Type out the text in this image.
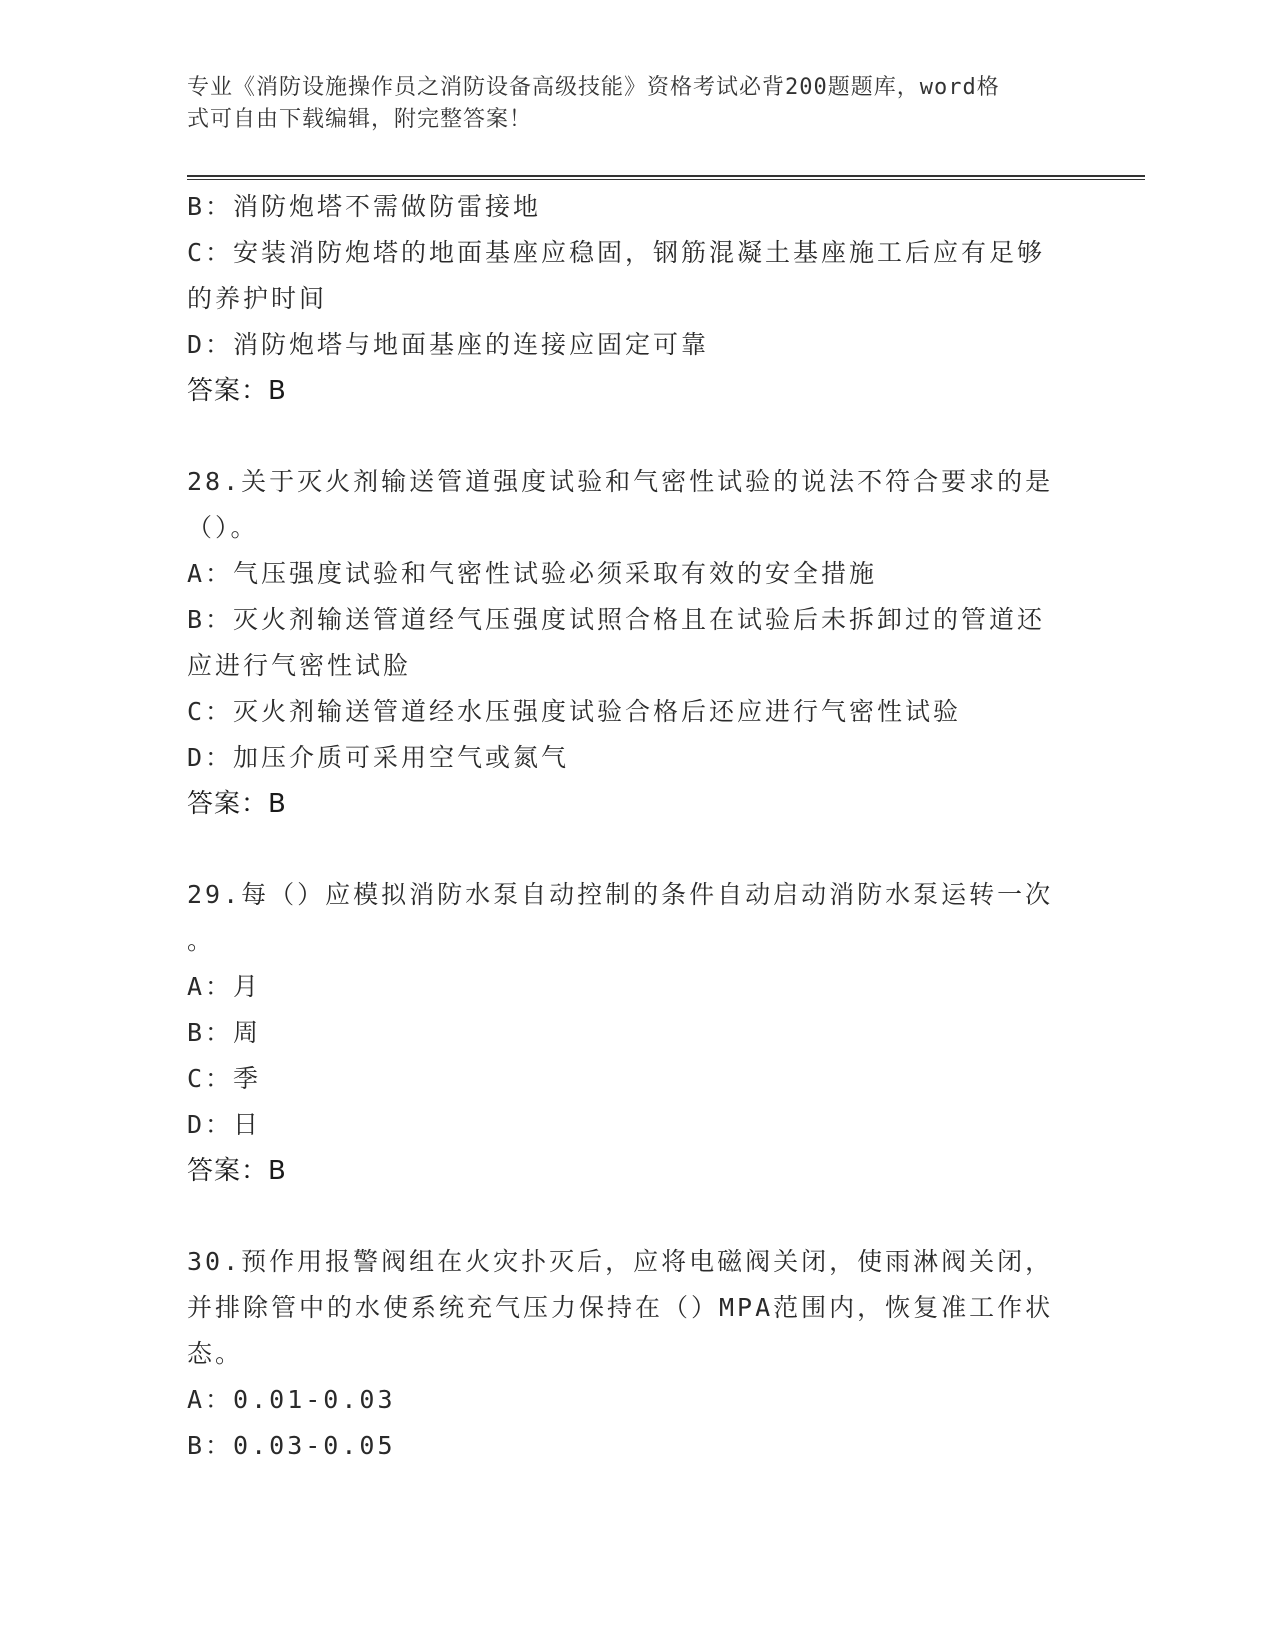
专业《消防设施操作员之消防设备高级技能》资格考试必背200题题库，word格
式可自由下载编辑，附完整答案！
B：消防炮塔不需做防雷接地
C：安装消防炮塔的地面基座应稳固，钢筋混凝土基座施工后应有足够
的养护时间
D：消防炮塔与地面基座的连接应固定可靠
答案：B
28.关于灭火剂输送管道强度试验和气密性试验的说法不符合要求的是
（）。
A：气压强度试验和气密性试验必须采取有效的安全措施
B：灭火剂输送管道经气压强度试照合格且在试验后未拆卸过的管道还
应进行气密性试脸
C：灭火剂输送管道经水压强度试验合格后还应进行气密性试验
D：加压介质可采用空气或氮气
答案：B
29.每（）应模拟消防水泵自动控制的条件自动启动消防水泵运转一次
。
A：月
B：周
C：季
D：日
答案：B
30.预作用报警阀组在火灾扑灭后，应将电磁阀关闭，使雨淋阀关闭，
并排除管中的水使系统充气压力保持在（）MPA范围内，恢复准工作状
态。
A：0.01-0.03
B：0.03-0.05
